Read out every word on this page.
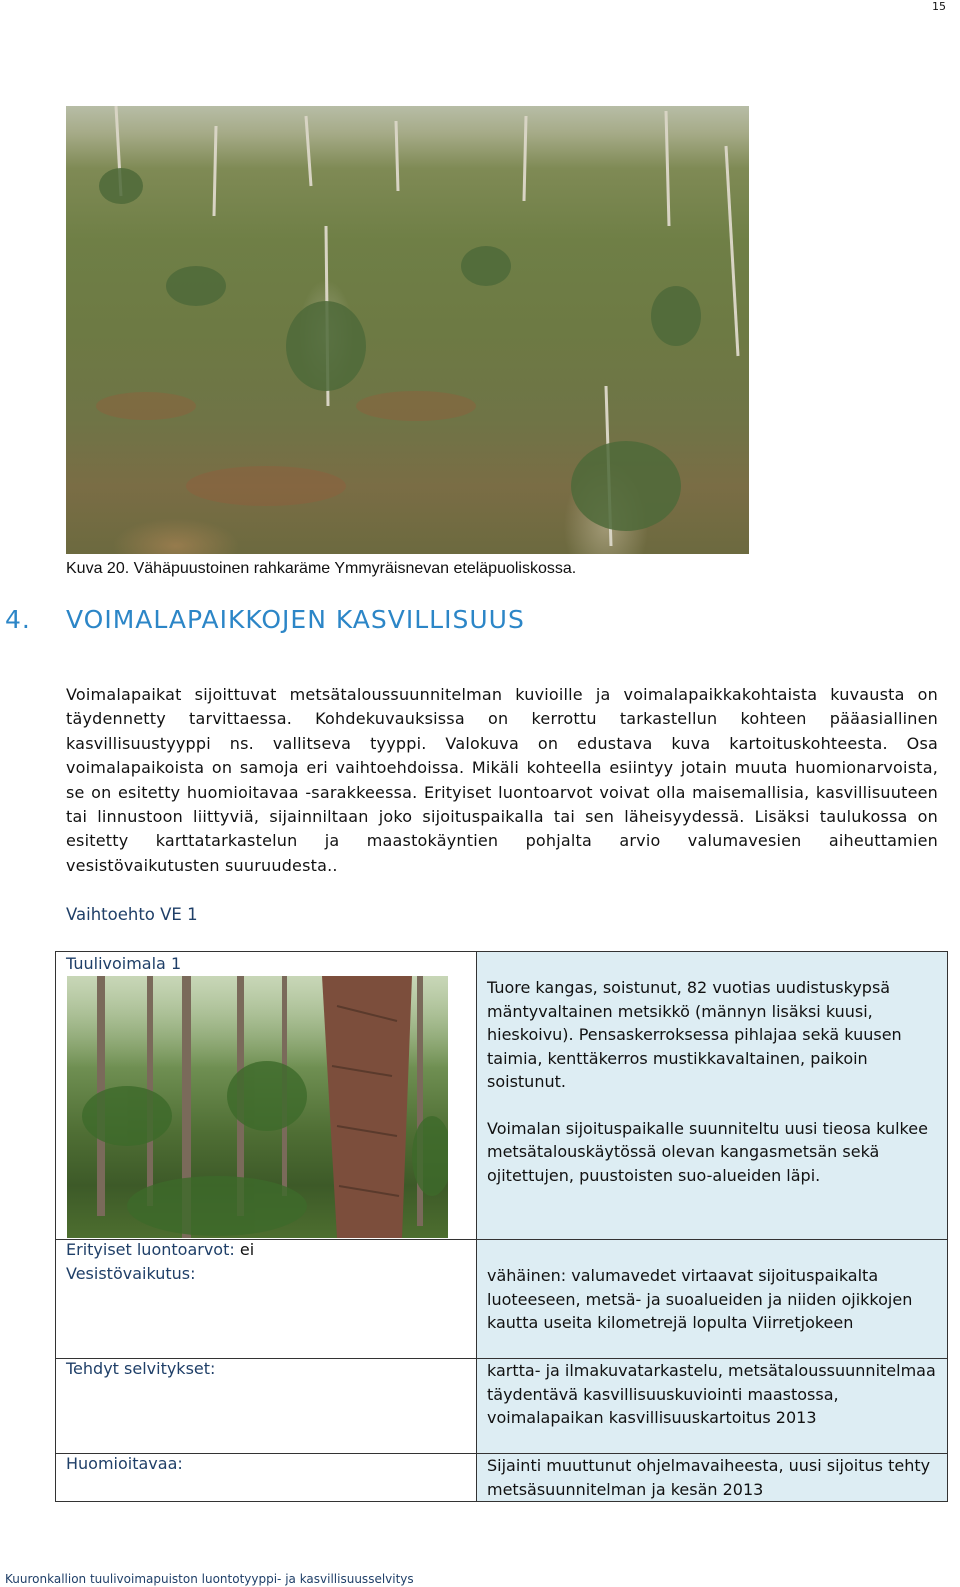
15
Kuva 20. Vähäpuustoinen rahkaräme Ymmyräisnevan eteläpuoliskossa.
4. VOIMALAPAIKKOJEN KASVILLISUUS
Voimalapaikat sijoittuvat metsätaloussuunnitelman kuvioille ja voimalapaikkakohtaista kuvausta on täydennetty tarvittaessa. Kohdekuvauksissa on kerrottu tarkastellun kohteen pääasiallinen kasvillisuustyyppi ns. vallitseva tyyppi. Valokuva on edustava kuva kartoituskohteesta. Osa voimalapaikoista on samoja eri vaihtoehdoissa. Mikäli kohteella esiintyy jotain muuta huomionarvoista, se on esitetty huomioitavaa -sarakkeessa. Erityiset luontoarvot voivat olla maisemallisia, kasvillisuuteen tai linnustoon liittyviä, sijainniltaan joko sijoituspaikalla tai sen läheisyydessä. Lisäksi taulukossa on esitetty karttatarkastelun ja maastokäyntien pohjalta arvio valumavesien aiheuttamien vesistövaikutusten suuruudesta..
Vaihtoehto VE 1
Tuulivoimala 1	Tuore kangas, soistunut, 82 vuotias uudistuskypsä mäntyvaltainen metsikkö (männyn lisäksi kuusi, hieskoivu). Pensaskerroksessa pihlajaa sekä kuusen taimia, kenttäkerros mustikkavaltainen, paikoin soistunut.
Voimalan sijoituspaikalle suunniteltu uusi tieosa kulkee metsätalouskäytössä olevan kangasmetsän sekä ojitettujen, puustoisten suo-alueiden läpi.

Erityiset luontoarvot: ei	
Vesistövaikutus:	vähäinen: valumavedet virtaavat sijoituspaikalta luoteeseen, metsä- ja suoalueiden ja niiden ojikkojen kautta useita kilometrejä lopulta Viirretjokeen
Tehdyt selvitykset:	kartta- ja ilmakuvatarkastelu, metsätaloussuunnitelmaa täydentävä kasvillisuuskuviointi maastossa, voimalapaikan kasvillisuuskartoitus 2013
Huomioitavaa:	Sijainti muuttunut ohjelmavaiheesta, uusi sijoitus tehty metsäsuunnitelman ja kesän 2013
Kuuronkallion tuulivoimapuiston luontotyyppi- ja kasvillisuusselvitys
